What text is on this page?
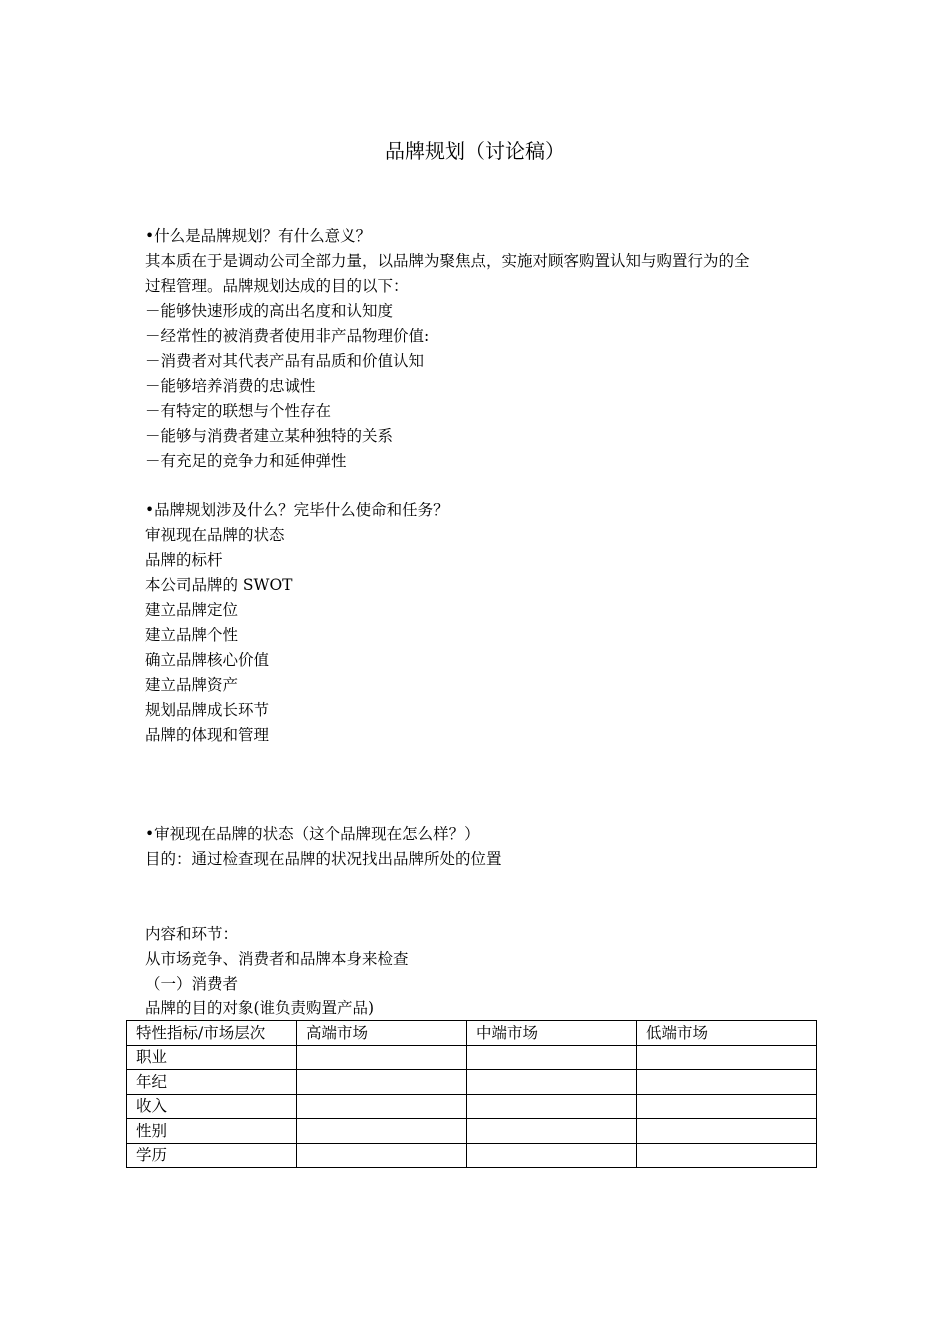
品牌规划（讨论稿）
•什么是品牌规划？有什么意义？
其本质在于是调动公司全部力量，以品牌为聚焦点，实施对顾客购置认知与购置行为的全
过程管理。品牌规划达成的目的以下：
－能够快速形成的高出名度和认知度
－经常性的被消费者使用非产品物理价值:
－消费者对其代表产品有品质和价值认知
－能够培养消费的忠诚性
－有特定的联想与个性存在
－能够与消费者建立某种独特的关系
－有充足的竞争力和延伸弹性
•品牌规划涉及什么？完毕什么使命和任务？
审视现在品牌的状态
品牌的标杆
本公司品牌的 SWOT
建立品牌定位
建立品牌个性
确立品牌核心价值
建立品牌资产
规划品牌成长环节
品牌的体现和管理
•审视现在品牌的状态（这个品牌现在怎么样？）
目的：通过检查现在品牌的状况找出品牌所处的位置
内容和环节：
从市场竞争、消费者和品牌本身来检查
（一）消费者
品牌的目的对象(谁负责购置产品)
特性指标/市场层次	高端市场	中端市场	低端市场
职业			
年纪			
收入			
性别			
学历			
